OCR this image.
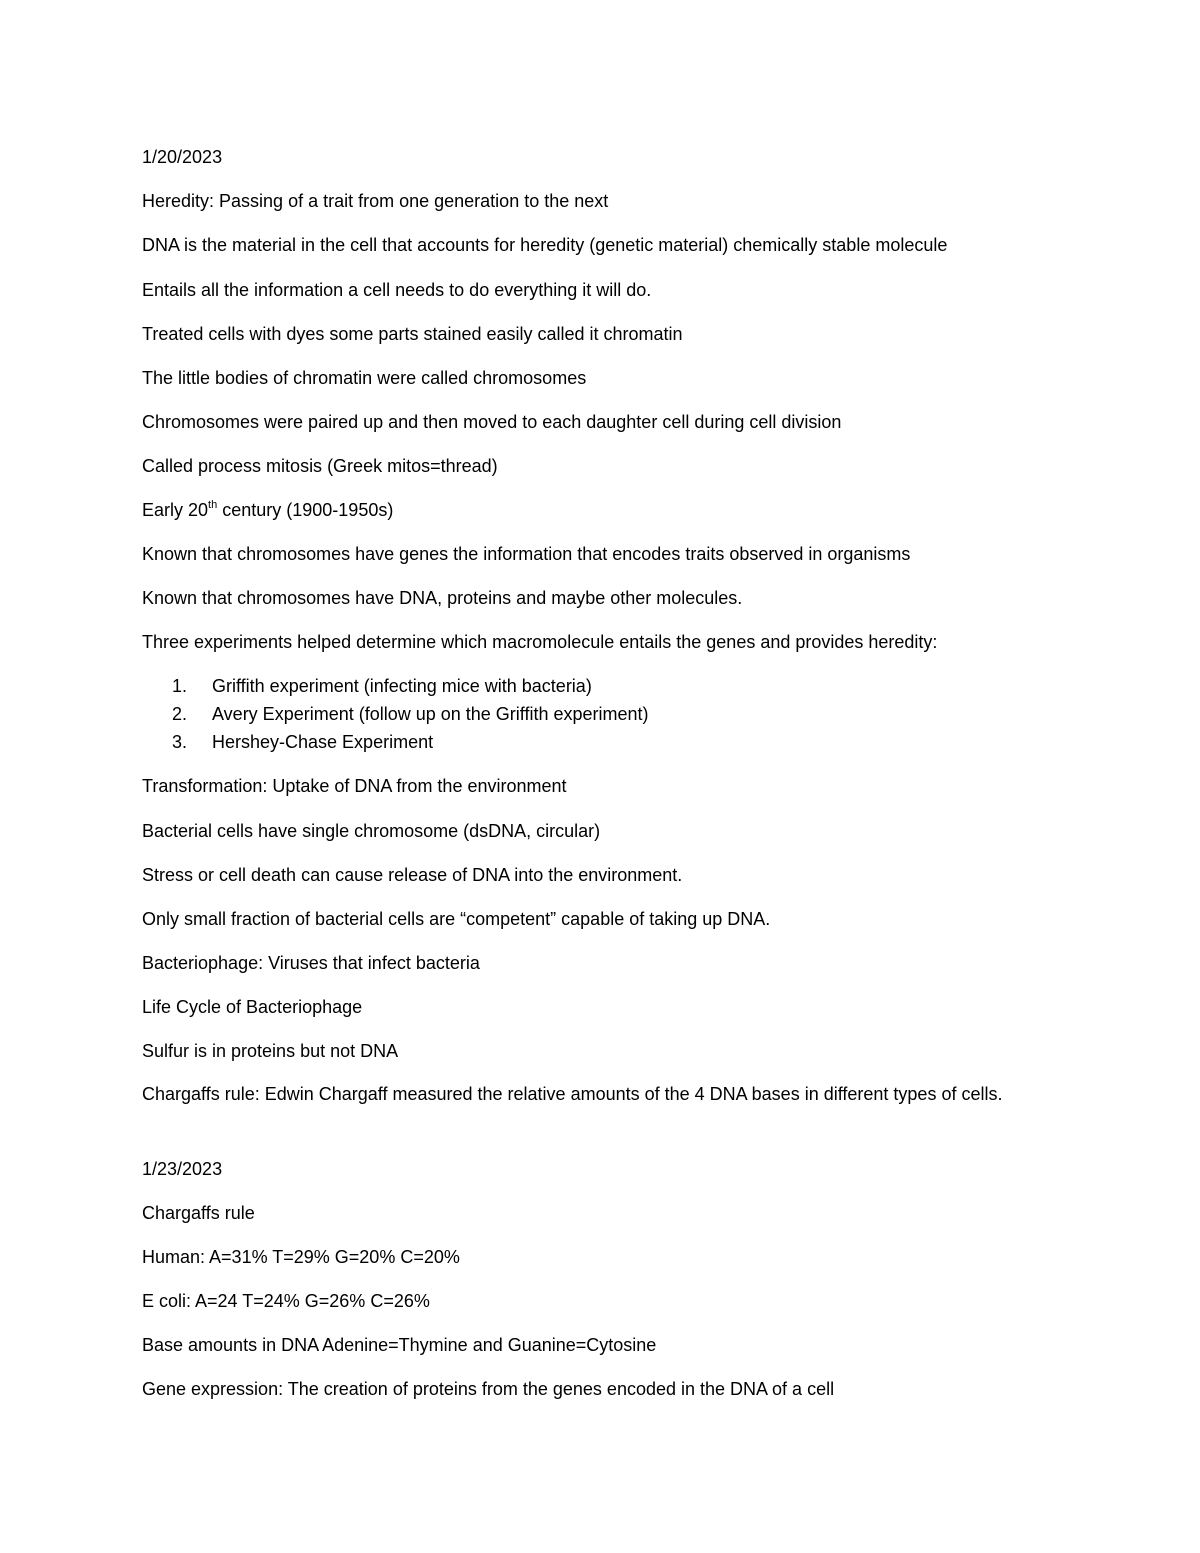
1/20/2023

Heredity: Passing of a trait from one generation to the next

DNA is the material in the cell that accounts for heredity (genetic material) chemically stable molecule

Entails all the information a cell needs to do everything it will do.

Treated cells with dyes some parts stained easily called it chromatin

The little bodies of chromatin were called chromosomes

Chromosomes were paired up and then moved to each daughter cell during cell division

Called process mitosis (Greek mitos=thread)

Early 20th century (1900-1950s)

Known that chromosomes have genes the information that encodes traits observed in organisms

Known that chromosomes have DNA, proteins and maybe other molecules.

Three experiments helped determine which macromolecule entails the genes and provides heredity:

1. Griffith experiment (infecting mice with bacteria)
2. Avery Experiment (follow up on the Griffith experiment)
3. Hershey-Chase Experiment

Transformation: Uptake of DNA from the environment

Bacterial cells have single chromosome (dsDNA, circular)

Stress or cell death can cause release of DNA into the environment.

Only small fraction of bacterial cells are “competent” capable of taking up DNA.

Bacteriophage: Viruses that infect bacteria

Life Cycle of Bacteriophage

Sulfur is in proteins but not DNA

Chargaffs rule: Edwin Chargaff measured the relative amounts of the 4 DNA bases in different types of cells.

1/23/2023

Chargaffs rule

Human: A=31% T=29% G=20% C=20%

E coli: A=24 T=24% G=26% C=26%

Base amounts in DNA Adenine=Thymine and Guanine=Cytosine

Gene expression: The creation of proteins from the genes encoded in the DNA of a cell
